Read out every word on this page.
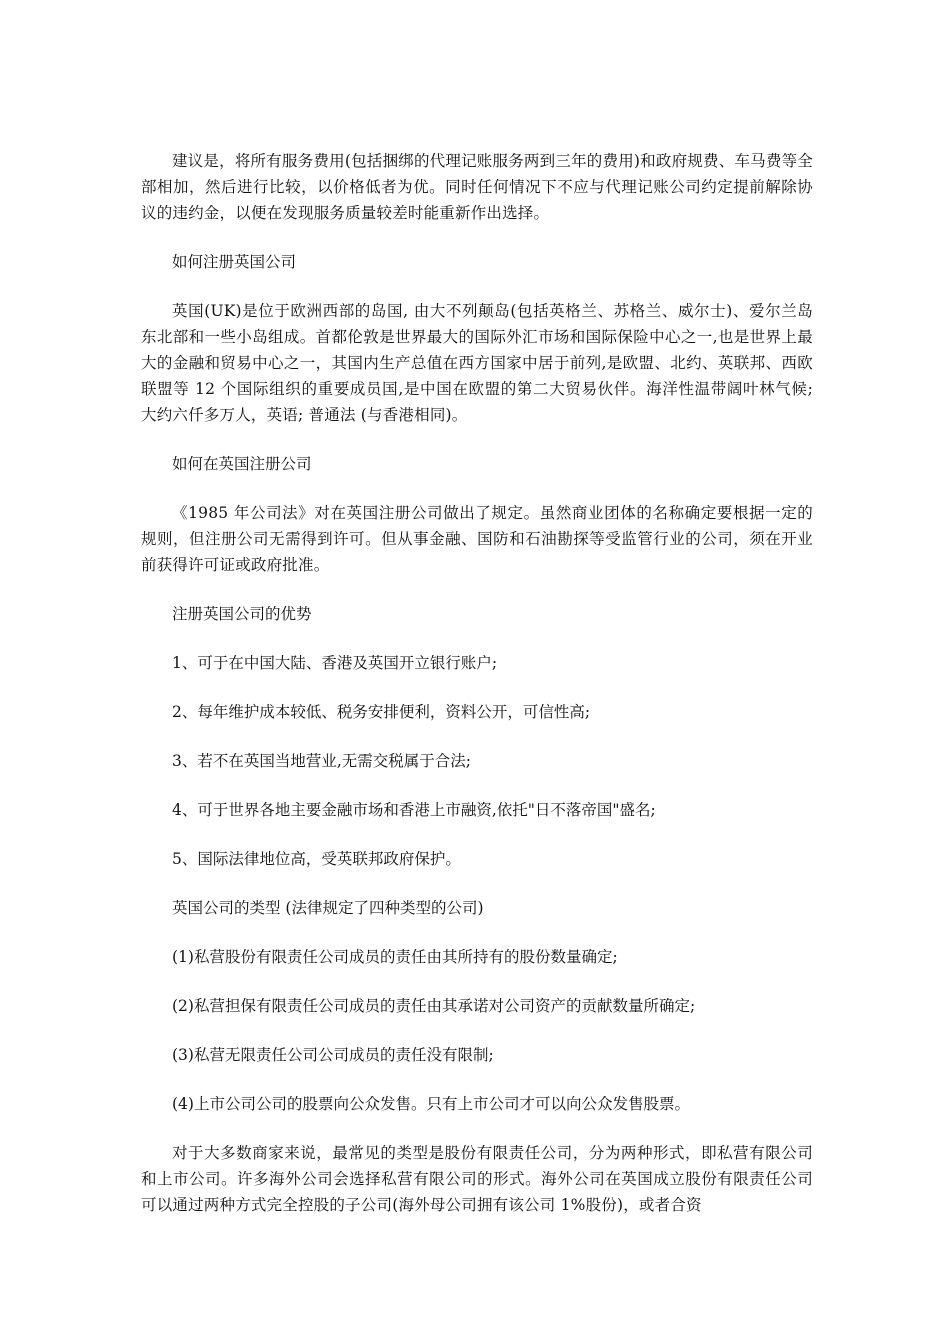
建议是，将所有服务费用(包括捆绑的代理记账服务两到三年的费用)和政府规费、车马费等全部相加，然后进行比较，以价格低者为优。同时任何情况下不应与代理记账公司约定提前解除协议的违约金，以便在发现服务质量较差时能重新作出选择。

如何注册英国公司

英国(UK)是位于欧洲西部的岛国, 由大不列颠岛(包括英格兰、苏格兰、威尔士)、爱尔兰岛东北部和一些小岛组成。首都伦敦是世界最大的国际外汇市场和国际保险中心之一,也是世界上最大的金融和贸易中心之一，其国内生产总值在西方国家中居于前列,是欧盟、北约、英联邦、西欧联盟等 12 个国际组织的重要成员国,是中国在欧盟的第二大贸易伙伴。海洋性温带阔叶林气候; 大约六仟多万人，英语; 普通法 (与香港相同)。

如何在英国注册公司

《1985 年公司法》对在英国注册公司做出了规定。虽然商业团体的名称确定要根据一定的规则，但注册公司无需得到许可。但从事金融、国防和石油勘探等受监管行业的公司，须在开业前获得许可证或政府批准。

注册英国公司的优势

1、可于在中国大陆、香港及英国开立银行账户;

2、每年维护成本较低、税务安排便利，资料公开，可信性高;

3、若不在英国当地营业,无需交税属于合法;

4、可于世界各地主要金融市场和香港上市融资,依托"日不落帝国"盛名;

5、国际法律地位高，受英联邦政府保护。

英国公司的类型 (法律规定了四种类型的公司)

(1)私营股份有限责任公司成员的责任由其所持有的股份数量确定;

(2)私营担保有限责任公司成员的责任由其承诺对公司资产的贡献数量所确定;

(3)私营无限责任公司公司成员的责任没有限制;

(4)上市公司公司的股票向公众发售。只有上市公司才可以向公众发售股票。

对于大多数商家来说，最常见的类型是股份有限责任公司，分为两种形式，即私营有限公司和上市公司。许多海外公司会选择私营有限公司的形式。海外公司在英国成立股份有限责任公司可以通过两种方式完全控股的子公司(海外母公司拥有该公司 1%股份)，或者合资
